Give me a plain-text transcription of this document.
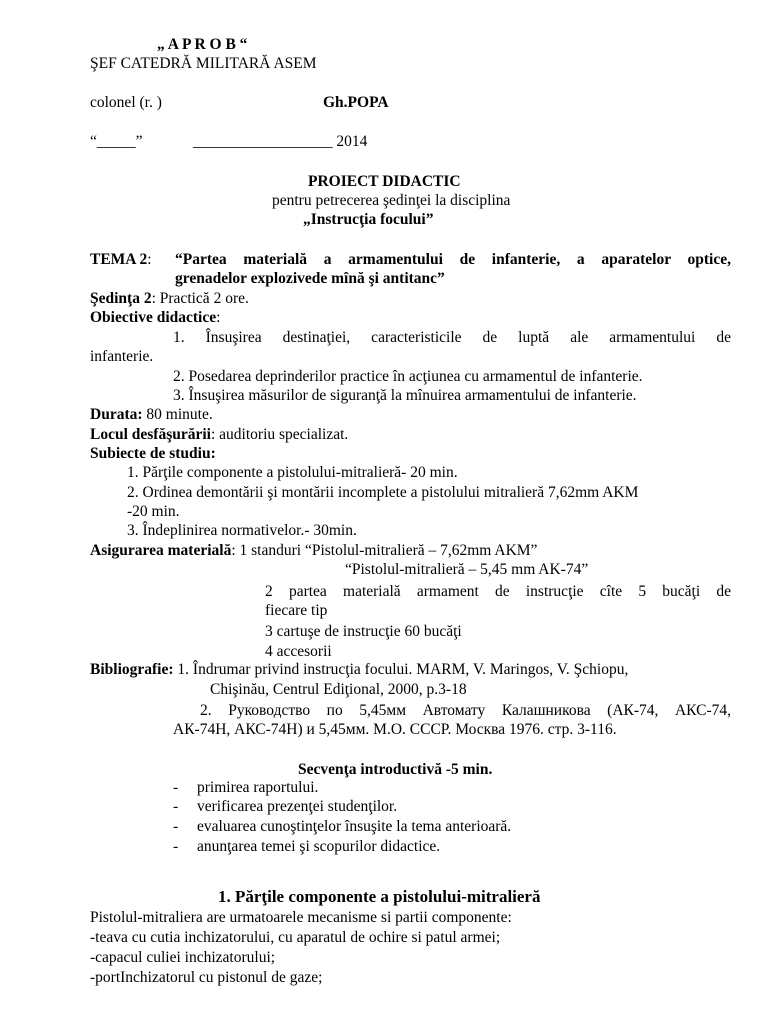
„ A P R O B “
ŞEF CATEDRĂ MILITARĂ ASEM
colonel (r. )	Gh.POPA
“_____”	__________________ 2014
PROIECT DIDACTIC
pentru petrecerea şedinţei la disciplina
„Instrucţia focului”
TEMA 2: “Partea materială a armamentului de infanterie, a aparatelor optice,
grenadelor explozivede mînă şi antitanc”
Şedinţa 2: Practică 2 ore.
Obiective didactice:
1. Însuşirea destinaţiei, caracteristicile de luptă ale armamentului de
infanterie.
2. Posedarea deprinderilor practice în acţiunea cu armamentul de infanterie.
3. Însuşirea măsurilor de siguranţă la mînuirea armamentului de infanterie.
Durata: 80 minute.
Locul desfăşurării: auditoriu specializat.
Subiecte de studiu:
1. Părţile componente a pistolului-mitralieră- 20 min.
2. Ordinea demontării şi montării incomplete a pistolului mitralieră 7,62mm AKM
-20 min.
3. Îndeplinirea normativelor.- 30min.
Asigurarea materială: 1 standuri “Pistolul-mitralieră – 7,62mm AKM”
“Pistolul-mitralieră – 5,45 mm AK-74”
2 partea materială armament de instrucţie cîte 5 bucăţi de
fiecare tip
3 cartuşe de instrucţie 60 bucăţi
4 accesorii
Bibliografie: 1. Îndrumar privind instrucţia focului. MARM, V. Maringos, V. Şchiopu,
Chişinău, Centrul Ediţional, 2000, p.3-18
2. Руководство по 5,45мм Автомату Калашникова (АК-74, АКС-74,
АК-74Н, АКС-74Н) и 5,45мм. М.О. СССР. Москва 1976. стр. 3-116.
Secvenţa introductivă -5 min.
- primirea raportului.
- verificarea prezenţei studenţilor.
- evaluarea cunoştinţelor însuşite la tema anterioară.
- anunţarea temei şi scopurilor didactice.
1. Părţile componente a pistolului-mitralieră
Pistolul-mitraliera are urmatoarele mecanisme si partii componente:
-teava cu cutia inchizatorului, cu aparatul de ochire si patul armei;
-capacul culiei inchizatorului;
-portInchizatorul cu pistonul de gaze;
